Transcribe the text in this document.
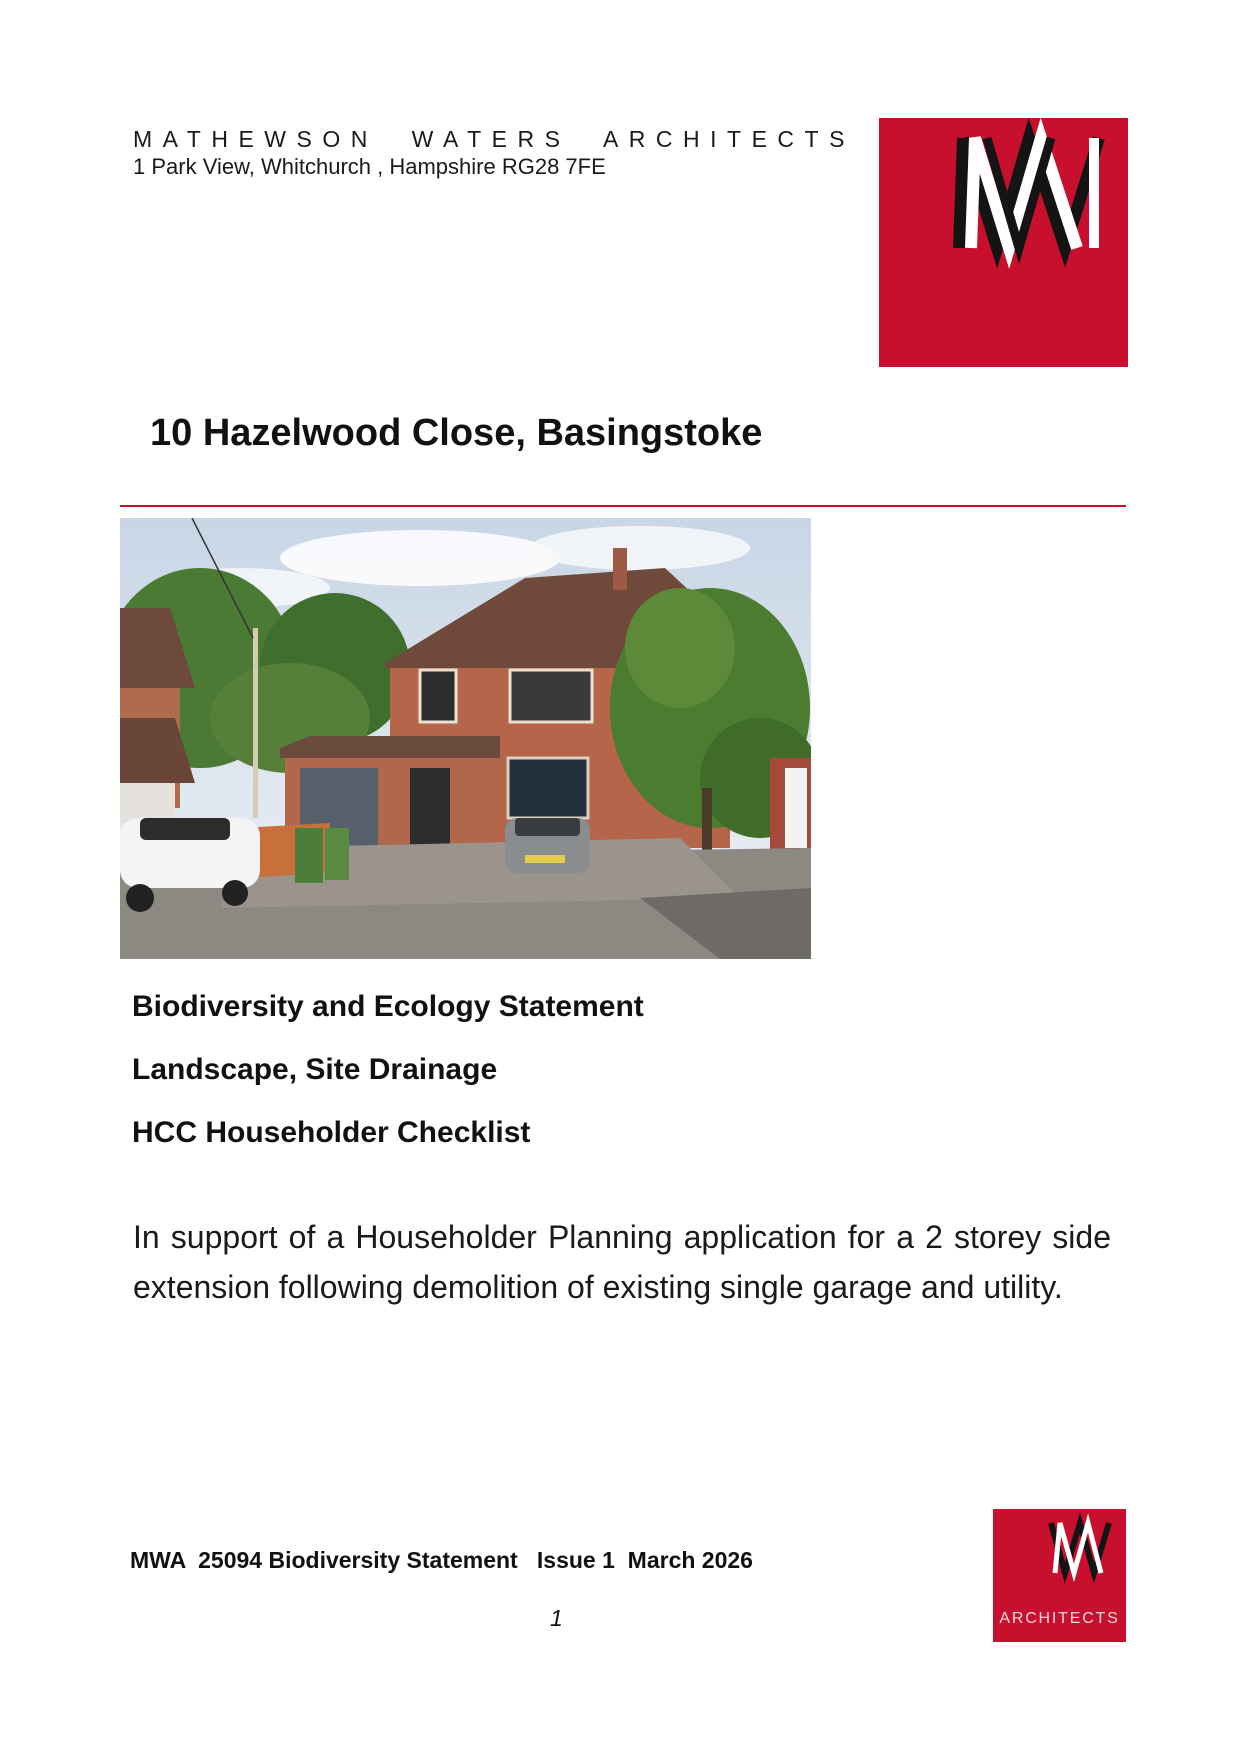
MATHEWSON  WATERS  ARCHITECTS
1 Park View, Whitchurch , Hampshire RG28 7FE
10 Hazelwood Close, Basingstoke
Biodiversity and Ecology Statement
Landscape, Site Drainage
HCC Householder Checklist
In support of a Householder Planning application for a 2 storey side extension following demolition of existing single garage and utility.
MWA  25094 Biodiversity Statement   Issue 1  March 2026
1	ARCHITECTS
